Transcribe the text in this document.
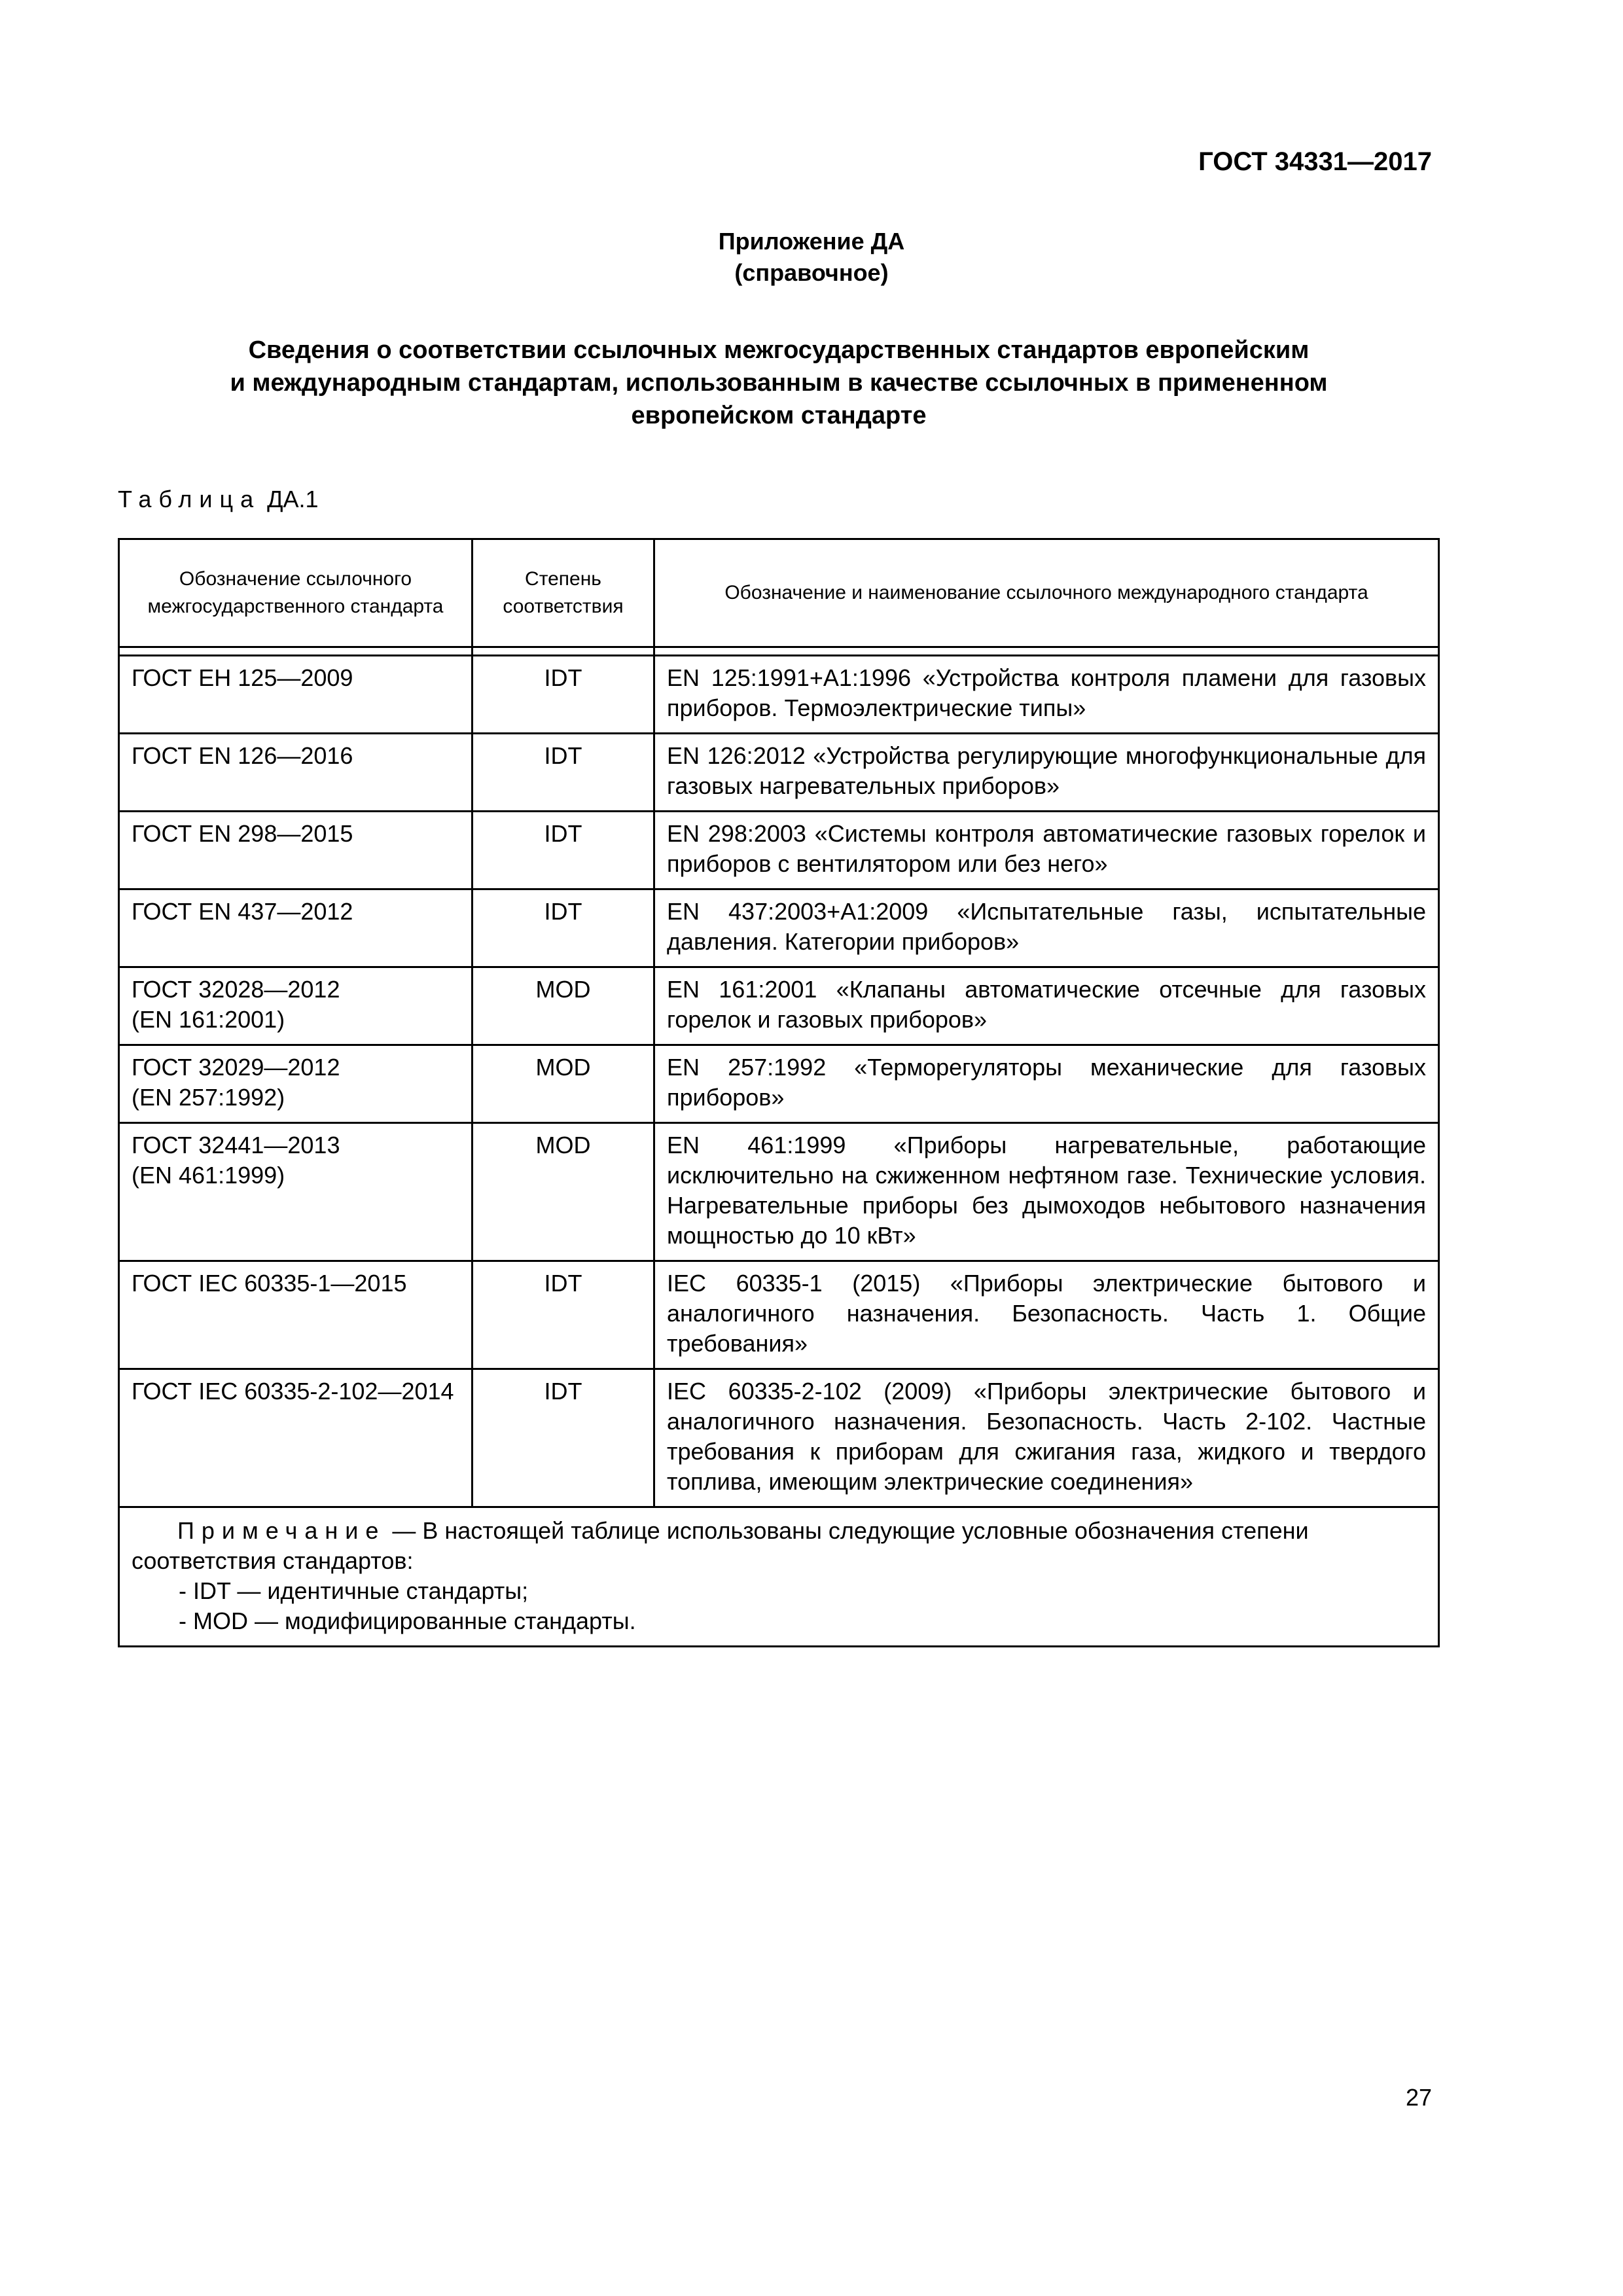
ГОСТ 34331—2017
Приложение ДА
(справочное)
Сведения о соответствии ссылочных межгосударственных стандартов европейским
и международным стандартам, использованным в качестве ссылочных в примененном
европейском стандарте
Таблица ДА.1
Обозначение ссылочного межгосударственного стандарта	Степень соответствия	Обозначение и наименование ссылочного международного стандарта

ГОСТ ЕН 125—2009	IDT	EN 125:1991+A1:1996 «Устройства контроля пламени для газовых приборов. Термоэлектрические типы»
ГОСТ EN 126—2016	IDT	EN 126:2012 «Устройства регулирующие многофункциональные для газовых нагревательных приборов»
ГОСТ EN 298—2015	IDT	EN 298:2003 «Системы контроля автоматические газовых горелок и приборов с вентилятором или без него»
ГОСТ EN 437—2012	IDT	EN 437:2003+A1:2009 «Испытательные газы, испытательные давления. Категории приборов»

ГОСТ 32028—2012
(EN 161:2001)	MOD	EN 161:2001 «Клапаны автоматические отсечные для газовых горелок и газовых приборов»

ГОСТ 32029—2012
(EN 257:1992)	MOD	EN 257:1992 «Терморегуляторы механические для газовых приборов»

ГОСТ 32441—2013
(EN 461:1999)	MOD	EN 461:1999 «Приборы нагревательные, работающие исключительно на сжиженном нефтяном газе. Технические условия. Нагревательные приборы без дымоходов небытового назначения мощностью до 10 кВт»
ГОСТ IEC 60335-1—2015	IDT	IEC 60335-1 (2015) «Приборы электрические бытового и аналогичного назначения. Безопасность. Часть 1. Общие требования»
ГОСТ IEC 60335-2-102—2014	IDT	IEC 60335-2-102 (2009) «Приборы электрические бытового и аналогичного назначения. Безопасность. Часть 2-102. Частные требования к приборам для сжигания газа, жидкого и твердого топлива, имеющим электрические соединения»

Примечание — В настоящей таблице использованы следующие условные обозначения степени соответствия стандартов:

- IDT — идентичные стандарты;

- MOD — модифицированные стандарты.		

27
